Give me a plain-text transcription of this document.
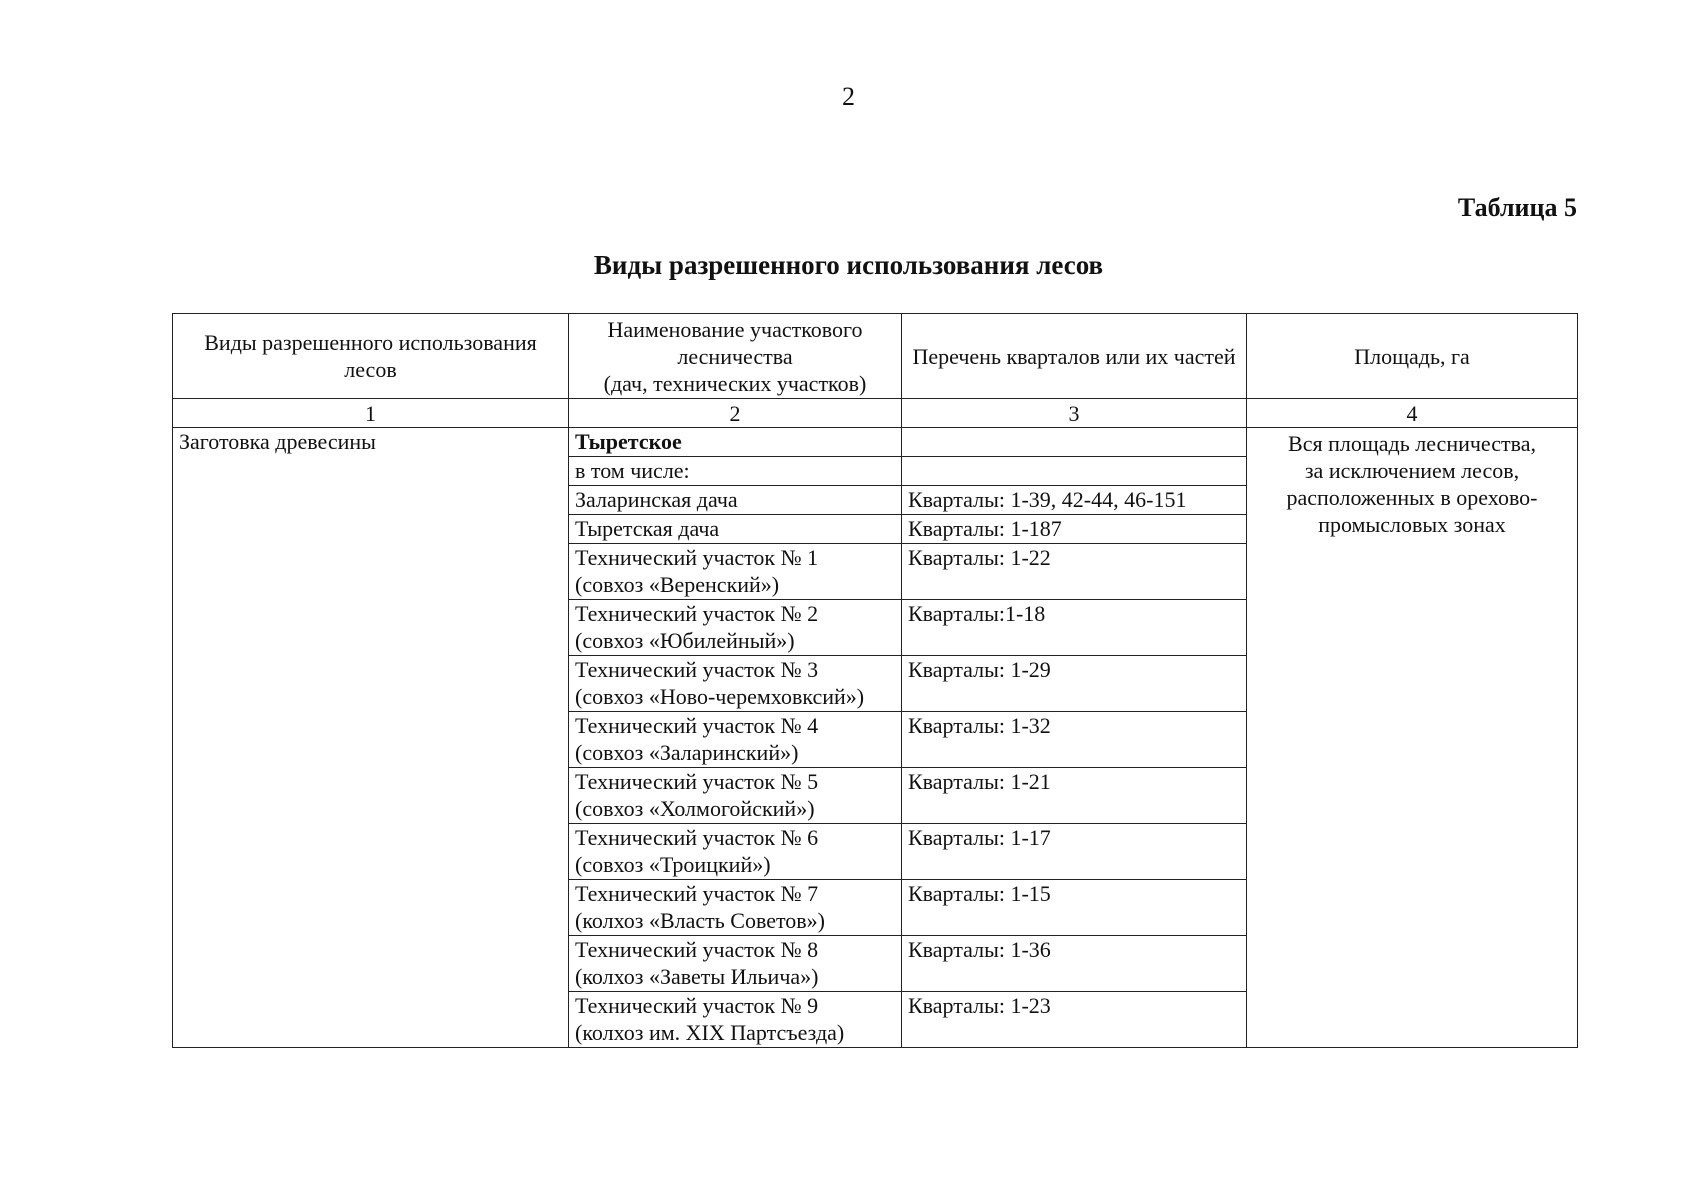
2
Таблица 5
Виды разрешенного использования лесов
Виды разрешенного использования лесов	Наименование участкового
лесничества
(дач, технических участков)	Перечень кварталов или их частей	Площадь, га
1	2	3	4
Заготовка древесины	Тыретское		Вся площадь лесничества,
за исключением лесов,
расположенных в орехово-
промысловых зонах
	в том числе:		
	Заларинская дача	Кварталы: 1-39, 42-44, 46-151	
	Тыретская дача	Кварталы: 1-187	
	Технический участок № 1
(совхоз «Веренский»)	Кварталы: 1-22	
	Технический участок № 2
(совхоз «Юбилейный»)	Кварталы:1-18	
	Технический участок № 3
(совхоз «Ново-черемховксий»)	Кварталы: 1-29	
	Технический участок № 4
(совхоз «Заларинский»)	Кварталы: 1-32	
	Технический участок № 5
(совхоз «Холмогойский»)	Кварталы: 1-21	
	Технический участок № 6
(совхоз «Троицкий»)	Кварталы: 1-17	
	Технический участок № 7
(колхоз «Власть Советов»)	Кварталы: 1-15	
	Технический участок № 8
(колхоз «Заветы Ильича»)	Кварталы: 1-36	
	Технический участок № 9
(колхоз им. XIX Партсъезда)	Кварталы: 1-23	
